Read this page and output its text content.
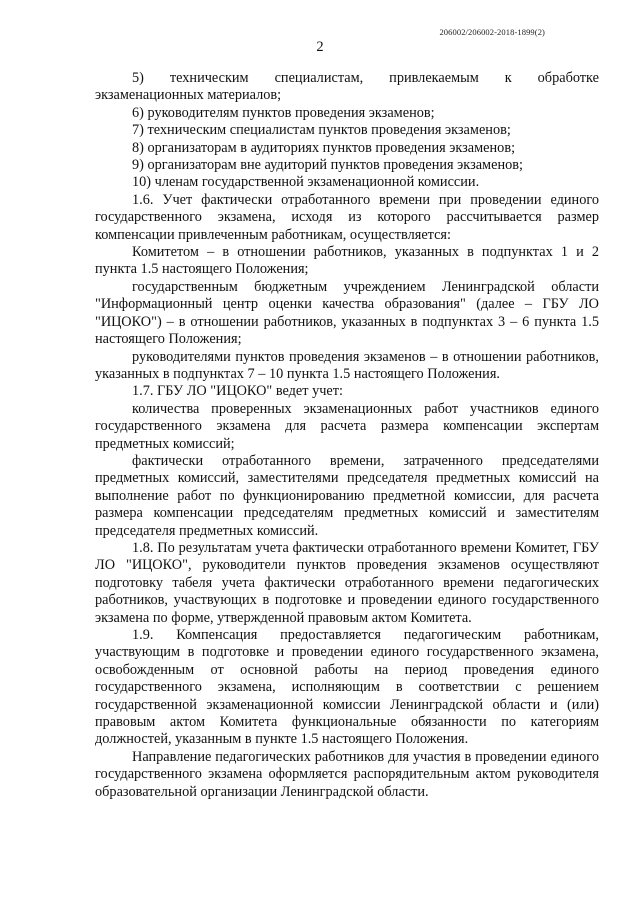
206002/206002-2018-1899(2)
2

5) техническим специалистам, привлекаемым к обработке экзаменационных материалов;

6) руководителям пунктов проведения экзаменов;

7) техническим специалистам пунктов проведения экзаменов;

8) организаторам в аудиториях пунктов проведения экзаменов;

9) организаторам вне аудиторий пунктов проведения экзаменов;

10) членам государственной экзаменационной комиссии.

1.6. Учет фактически отработанного времени при проведении единого государственного экзамена, исходя из которого рассчитывается размер компенсации привлеченным работникам, осуществляется:

Комитетом – в отношении работников, указанных в подпунктах 1 и 2 пункта 1.5 настоящего Положения;

государственным бюджетным учреждением Ленинградской области "Информационный центр оценки качества образования" (далее – ГБУ ЛО "ИЦОКО") – в отношении работников, указанных в подпунктах 3 – 6 пункта 1.5 настоящего Положения;

руководителями пунктов проведения экзаменов – в отношении работников, указанных в подпунктах 7 – 10 пункта 1.5 настоящего Положения.

1.7. ГБУ ЛО "ИЦОКО" ведет учет:

количества проверенных экзаменационных работ участников единого государственного экзамена для расчета размера компенсации экспертам предметных комиссий;

фактически отработанного времени, затраченного председателями предметных комиссий, заместителями председателя предметных комиссий на выполнение работ по функционированию предметной комиссии, для расчета размера компенсации председателям предметных комиссий и заместителям председателя предметных комиссий.

1.8. По результатам учета фактически отработанного времени Комитет, ГБУ ЛО "ИЦОКО", руководители пунктов проведения экзаменов осуществляют подготовку табеля учета фактически отработанного времени педагогических работников, участвующих в подготовке и проведении единого государственного экзамена по форме, утвержденной правовым актом Комитета.

1.9. Компенсация предоставляется педагогическим работникам, участвующим в подготовке и проведении единого государственного экзамена, освобожденным от основной работы на период проведения единого государственного экзамена, исполняющим в соответствии с решением государственной экзаменационной комиссии Ленинградской области и (или) правовым актом Комитета функциональные обязанности по категориям должностей, указанным в пункте 1.5 настоящего Положения.

Направление педагогических работников для участия в проведении единого государственного экзамена оформляется распорядительным актом руководителя образовательной организации Ленинградской области.
